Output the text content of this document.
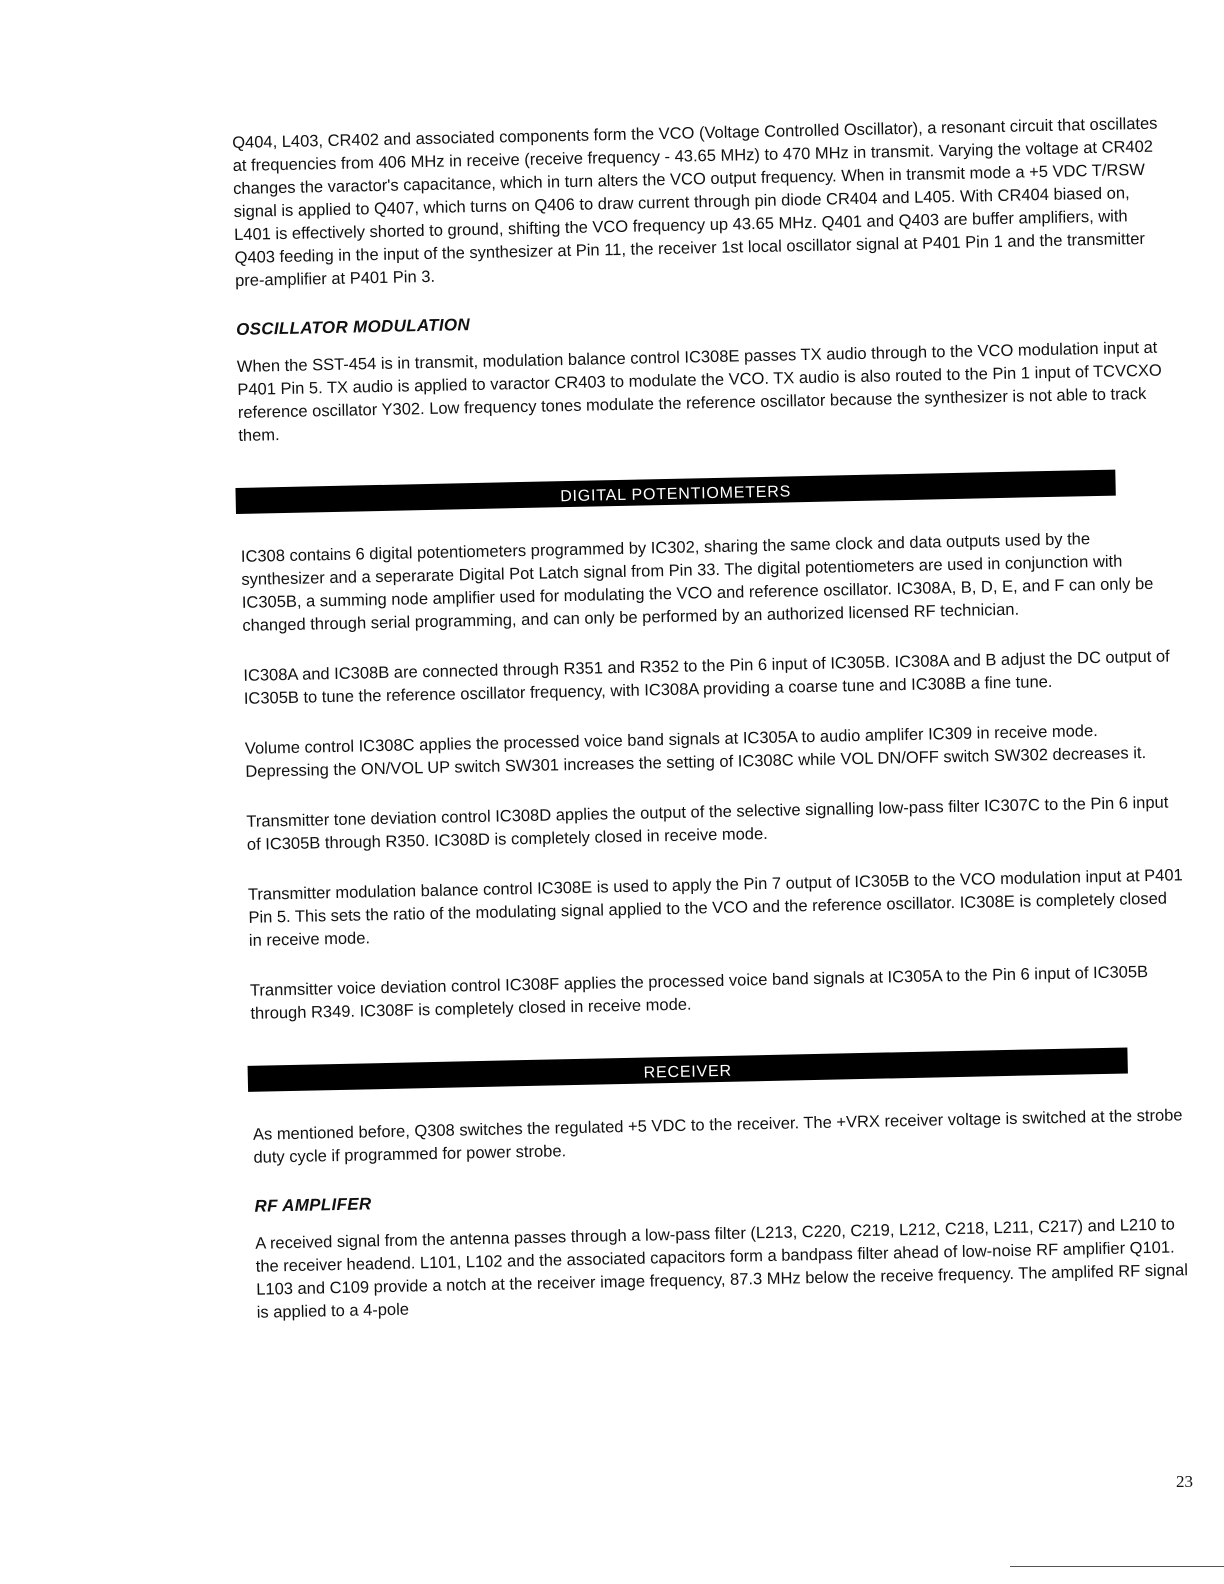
Q404, L403, CR402 and associated components form the VCO (Voltage Controlled Oscillator), a resonant circuit that oscillates at frequencies from 406 MHz in receive (receive frequency - 43.65 MHz) to 470 MHz in transmit. Varying the voltage at CR402 changes the varactor's capacitance, which in turn alters the VCO output frequency. When in transmit mode a +5 VDC T/RSW signal is applied to Q407, which turns on Q406 to draw current through pin diode CR404 and L405. With CR404 biased on, L401 is effectively shorted to ground, shifting the VCO frequency up 43.65 MHz. Q401 and Q403 are buffer amplifiers, with Q403 feeding in the input of the synthesizer at Pin 11, the receiver 1st local oscillator signal at P401 Pin 1 and the transmitter pre-amplifier at P401 Pin 3.

OSCILLATOR MODULATION

When the SST-454 is in transmit, modulation balance control IC308E passes TX audio through to the VCO modulation input at P401 Pin 5. TX audio is applied to varactor CR403 to modulate the VCO. TX audio is also routed to the Pin 1 input of TCVCXO reference oscillator Y302. Low frequency tones modulate the reference oscillator because the synthesizer is not able to track them.

DIGITAL POTENTIOMETERS

IC308 contains 6 digital potentiometers programmed by IC302, sharing the same clock and data outputs used by the synthesizer and a seperarate Digital Pot Latch signal from Pin 33. The digital potentiometers are used in conjunction with IC305B, a summing node amplifier used for modulating the VCO and reference oscillator. IC308A, B, D, E, and F can only be changed through serial programming, and can only be performed by an authorized licensed RF technician.

IC308A and IC308B are connected through R351 and R352 to the Pin 6 input of IC305B. IC308A and B adjust the DC output of IC305B to tune the reference oscillator frequency, with IC308A providing a coarse tune and IC308B a fine tune.

Volume control IC308C applies the processed voice band signals at IC305A to audio amplifer IC309 in receive mode. Depressing the ON/VOL UP switch SW301 increases the setting of IC308C while VOL DN/OFF switch SW302 decreases it.

Transmitter tone deviation control IC308D applies the output of the selective signalling low-pass filter IC307C to the Pin 6 input of IC305B through R350. IC308D is completely closed in receive mode.

Transmitter modulation balance control IC308E is used to apply the Pin 7 output of IC305B to the VCO modulation input at P401 Pin 5. This sets the ratio of the modulating signal applied to the VCO and the reference oscillator. IC308E is completely closed in receive mode.

Tranmsitter voice deviation control IC308F applies the processed voice band signals at IC305A to the Pin 6 input of IC305B through R349. IC308F is completely closed in receive mode.

RECEIVER

As mentioned before, Q308 switches the regulated +5 VDC to the receiver. The +VRX receiver voltage is switched at the strobe duty cycle if programmed for power strobe.

RF AMPLIFER

A received signal from the antenna passes through a low-pass filter (L213, C220, C219, L212, C218, L211, C217) and L210 to the receiver headend. L101, L102 and the associated capacitors form a bandpass filter ahead of low-noise RF amplifier Q101. L103 and C109 provide a notch at the receiver image frequency, 87.3 MHz below the receive frequency. The amplifed RF signal is applied to a 4-pole

23
